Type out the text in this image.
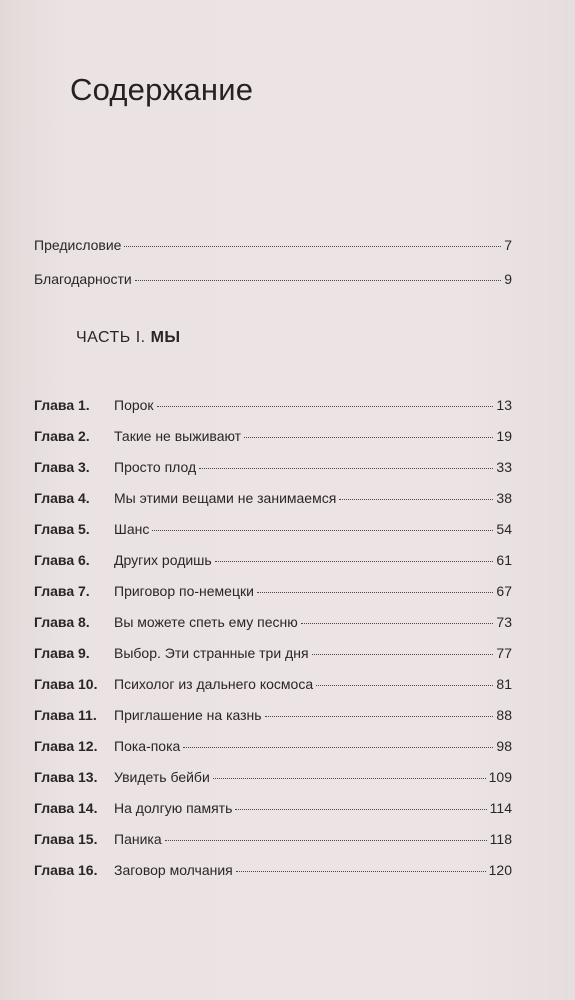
Содержание
Предисловие	7
Благодарности	9
ЧАСТЬ I. МЫ
Глава 1.	Порок	13
Глава 2.	Такие не выживают	19
Глава 3.	Просто плод	33
Глава 4.	Мы этими вещами не занимаемся	38
Глава 5.	Шанс	54
Глава 6.	Других родишь	61
Глава 7.	Приговор по-немецки	67
Глава 8.	Вы можете спеть ему песню	73
Глава 9.	Выбор. Эти странные три дня	77
Глава 10.	Психолог из дальнего космоса	81
Глава 11.	Приглашение на казнь	88
Глава 12.	Пока-пока	98
Глава 13.	Увидеть бейби	109
Глава 14.	На долгую память	114
Глава 15.	Паника	118
Глава 16.	Заговор молчания	120
